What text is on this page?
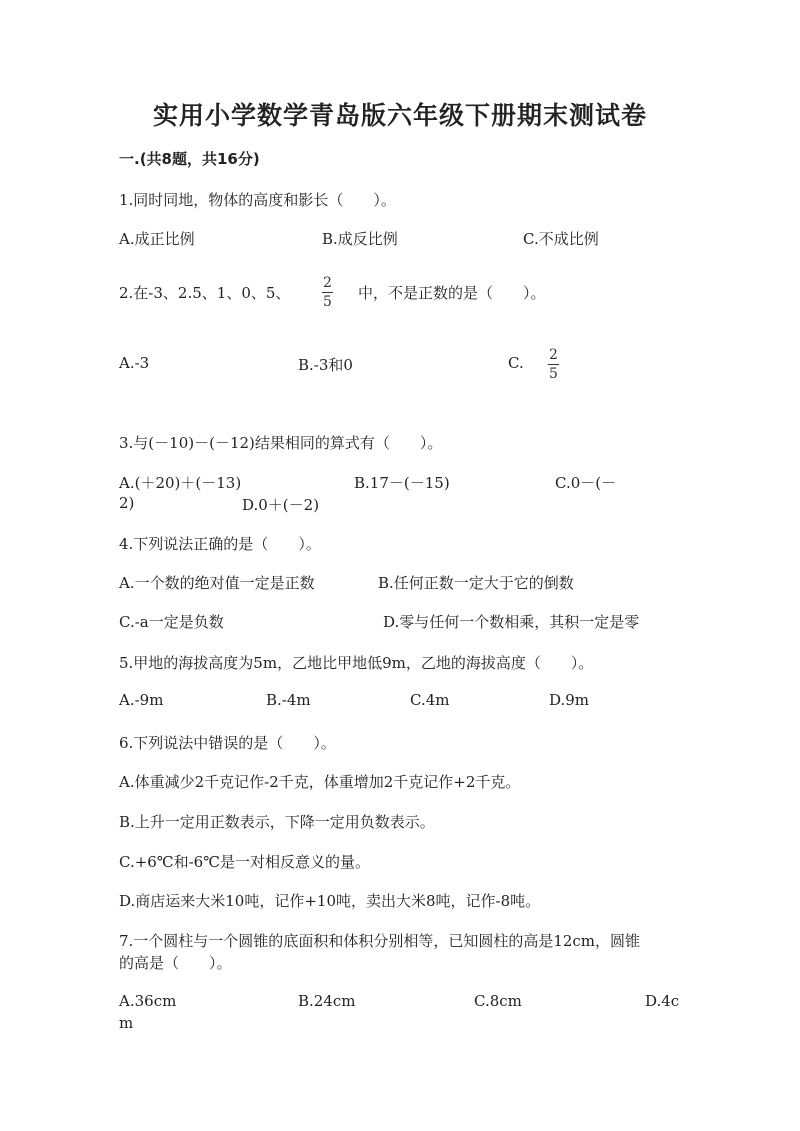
实用小学数学青岛版六年级下册期末测试卷
一.(共8题，共16分)
1.同时同地，物体的高度和影长（　　）。
A.成正比例	B.成反比例	C.不成比例
2.在-3、2.5、1、0、5、
2
5 中，不是正数的是（　　）。
A.-3	B.-3和0	C. 2
5
3.与(－10)－(－12)结果相同的算式有（　　）。
A.(＋20)＋(－13)	B.17－(－15)	C.0－(－
2)	D.0＋(－2)
4.下列说法正确的是（　　）。
A.一个数的绝对值一定是正数	B.任何正数一定大于它的倒数
C.-a一定是负数	D.零与任何一个数相乘，其积一定是零
5.甲地的海拔高度为5m，乙地比甲地低9m，乙地的海拔高度（　　）。
A.-9m	B.-4m	C.4m	D.9m
6.下列说法中错误的是（　　）。
A.体重减少2千克记作-2千克，体重增加2千克记作+2千克。
B.上升一定用正数表示，下降一定用负数表示。
C.+6℃和-6℃是一对相反意义的量。
D.商店运来大米10吨，记作+10吨，卖出大米8吨，记作-8吨。
7.一个圆柱与一个圆锥的底面积和体积分别相等，已知圆柱的高是12cm，圆锥
的高是（　　）。
A.36cm	B.24cm	C.8cm	D.4c
m
